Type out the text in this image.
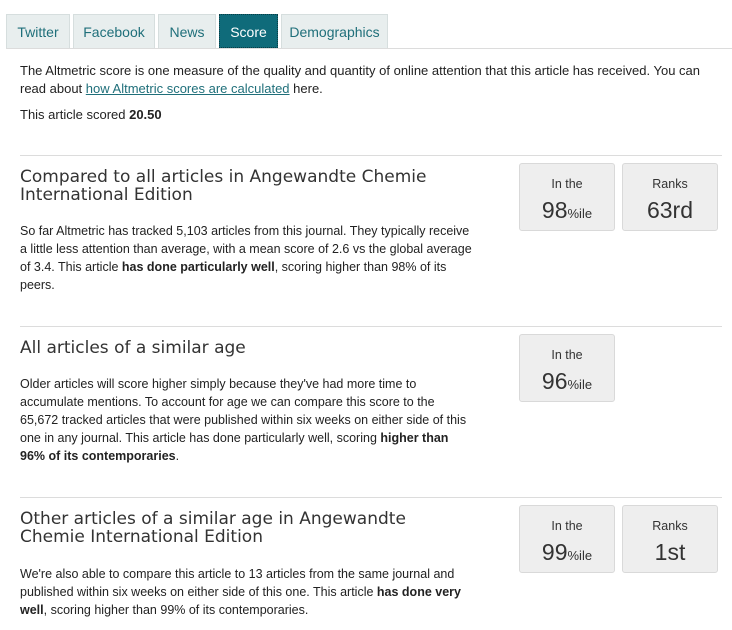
Twitter	Facebook	News	Score	Demographics
The Altmetric score is one measure of the quality and quantity of online attention that this article has received. You can read about how Altmetric scores are calculated here.
This article scored 20.50
Compared to all articles in Angewandte Chemie International Edition
So far Altmetric has tracked 5,103 articles from this journal. They typically receive a little less attention than average, with a mean score of 2.6 vs the global average of 3.4. This article has done particularly well, scoring higher than 98% of its peers.
In the
98%ile
Ranks
63rd
All articles of a similar age
Older articles will score higher simply because they've had more time to accumulate mentions. To account for age we can compare this score to the 65,672 tracked articles that were published within six weeks on either side of this one in any journal. This article has done particularly well, scoring higher than 96% of its contemporaries.
In the
96%ile
Other articles of a similar age in Angewandte Chemie International Edition
We're also able to compare this article to 13 articles from the same journal and published within six weeks on either side of this one. This article has done very well, scoring higher than 99% of its contemporaries.
In the
99%ile
Ranks
1st
